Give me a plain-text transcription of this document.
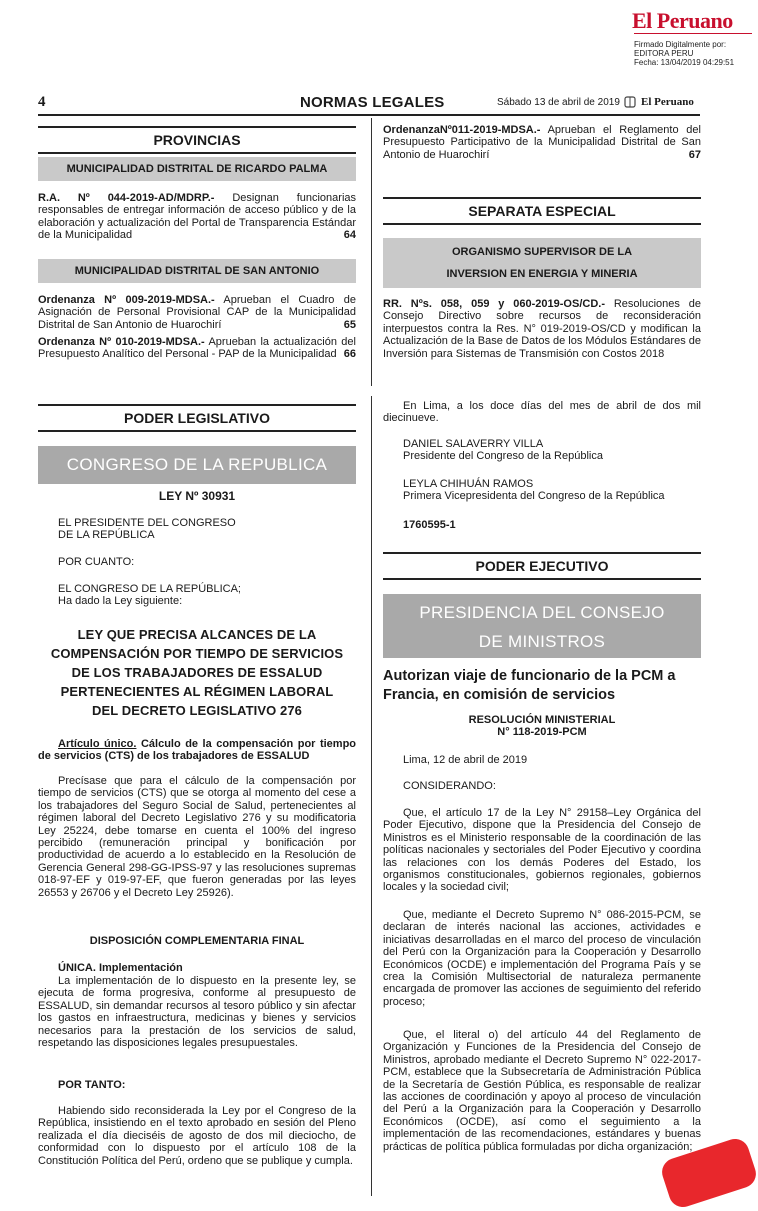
El Peruano
Firmado Digitalmente por:
EDITORA PERU
Fecha: 13/04/2019 04:29:51
4	NORMAS LEGALES	Sábado 13 de abril de 2019 El Peruano
PROVINCIAS
MUNICIPALIDAD DISTRITAL DE RICARDO PALMA
R.A. Nº 044-2019-AD/MDRP.- Designan funcionarias responsables de entregar información de acceso público y de la elaboración y actualización del Portal de Transparencia Estándar de la Municipalidad	64
MUNICIPALIDAD DISTRITAL DE SAN ANTONIO
Ordenanza Nº 009-2019-MDSA.- Aprueban el Cuadro de Asignación de Personal Provisional CAP de la Municipalidad Distrital de San Antonio de Huarochirí	65
Ordenanza Nº 010-2019-MDSA.- Aprueban la actualización del Presupuesto Analítico del Personal - PAP de la Municipalidad 66
OrdenanzaNº011-2019-MDSA.- Aprueban el Reglamento del Presupuesto Participativo de la Municipalidad Distrital de San Antonio de Huarochirí	67
SEPARATA ESPECIAL
ORGANISMO SUPERVISOR DE LA
INVERSION EN ENERGIA Y MINERIA
RR. Nºs. 058, 059 y 060-2019-OS/CD.- Resoluciones de Consejo Directivo sobre recursos de reconsideración interpuestos contra la Res. N° 019-2019-OS/CD y modifican la Actualización de la Base de Datos de los Módulos Estándares de Inversión para Sistemas de Transmisión con Costos 2018
PODER LEGISLATIVO
CONGRESO DE LA REPUBLICA
LEY Nº 30931
EL PRESIDENTE DEL CONGRESO
DE LA REPÚBLICA
POR CUANTO:
EL CONGRESO DE LA REPÚBLICA;
Ha dado la Ley siguiente:
LEY QUE PRECISA ALCANCES DE LA
COMPENSACIÓN POR TIEMPO DE SERVICIOS
DE LOS TRABAJADORES DE ESSALUD
PERTENECIENTES AL RÉGIMEN LABORAL
DEL DECRETO LEGISLATIVO 276
Artículo único. Cálculo de la compensación por tiempo de servicios (CTS) de los trabajadores de ESSALUD
Precísase que para el cálculo de la compensación por tiempo de servicios (CTS) que se otorga al momento del cese a los trabajadores del Seguro Social de Salud, pertenecientes al régimen laboral del Decreto Legislativo 276 y su modificatoria Ley 25224, debe tomarse en cuenta el 100% del ingreso percibido (remuneración principal y bonificación por productividad de acuerdo a lo establecido en la Resolución de Gerencia General 298-GG-IPSS-97 y las resoluciones supremas 018-97-EF y 019-97-EF, que fueron generadas por las leyes 26553 y 26706 y el Decreto Ley 25926).
DISPOSICIÓN COMPLEMENTARIA FINAL
ÚNICA. Implementación
La implementación de lo dispuesto en la presente ley, se ejecuta de forma progresiva, conforme al presupuesto de ESSALUD, sin demandar recursos al tesoro público y sin afectar los gastos en infraestructura, medicinas y bienes y servicios necesarios para la prestación de los servicios de salud, respetando las disposiciones legales presupuestales.
POR TANTO:
Habiendo sido reconsiderada la Ley por el Congreso de la República, insistiendo en el texto aprobado en sesión del Pleno realizada el día dieciséis de agosto de dos mil dieciocho, de conformidad con lo dispuesto por el artículo 108 de la Constitución Política del Perú, ordeno que se publique y cumpla.
En Lima, a los doce días del mes de abril de dos mil diecinueve.
DANIEL SALAVERRY VILLA
Presidente del Congreso de la República
LEYLA CHIHUÁN RAMOS
Primera Vicepresidenta del Congreso de la República
1760595-1
PODER EJECUTIVO
PRESIDENCIA DEL CONSEJO
DE MINISTROS
Autorizan viaje de funcionario de la PCM a Francia, en comisión de servicios
RESOLUCIÓN MINISTERIAL
N° 118-2019-PCM
Lima, 12 de abril de 2019
CONSIDERANDO:
Que, el artículo 17 de la Ley N° 29158–Ley Orgánica del Poder Ejecutivo, dispone que la Presidencia del Consejo de Ministros es el Ministerio responsable de la coordinación de las políticas nacionales y sectoriales del Poder Ejecutivo y coordina las relaciones con los demás Poderes del Estado, los organismos constitucionales, gobiernos regionales, gobiernos locales y la sociedad civil;
Que, mediante el Decreto Supremo N° 086-2015-PCM, se declaran de interés nacional las acciones, actividades e iniciativas desarrolladas en el marco del proceso de vinculación del Perú con la Organización para la Cooperación y Desarrollo Económicos (OCDE) e implementación del Programa País y se crea la Comisión Multisectorial de naturaleza permanente encargada de promover las acciones de seguimiento del referido proceso;
Que, el literal o) del artículo 44 del Reglamento de Organización y Funciones de la Presidencia del Consejo de Ministros, aprobado mediante el Decreto Supremo N° 022-2017-PCM, establece que la Subsecretaría de Administración Pública de la Secretaría de Gestión Pública, es responsable de realizar las acciones de coordinación y apoyo al proceso de vinculación del Perú a la Organización para la Cooperación y Desarrollo Económicos (OCDE), así como el seguimiento a la implementación de las recomendaciones, estándares y buenas prácticas de política pública formuladas por dicha organización;
